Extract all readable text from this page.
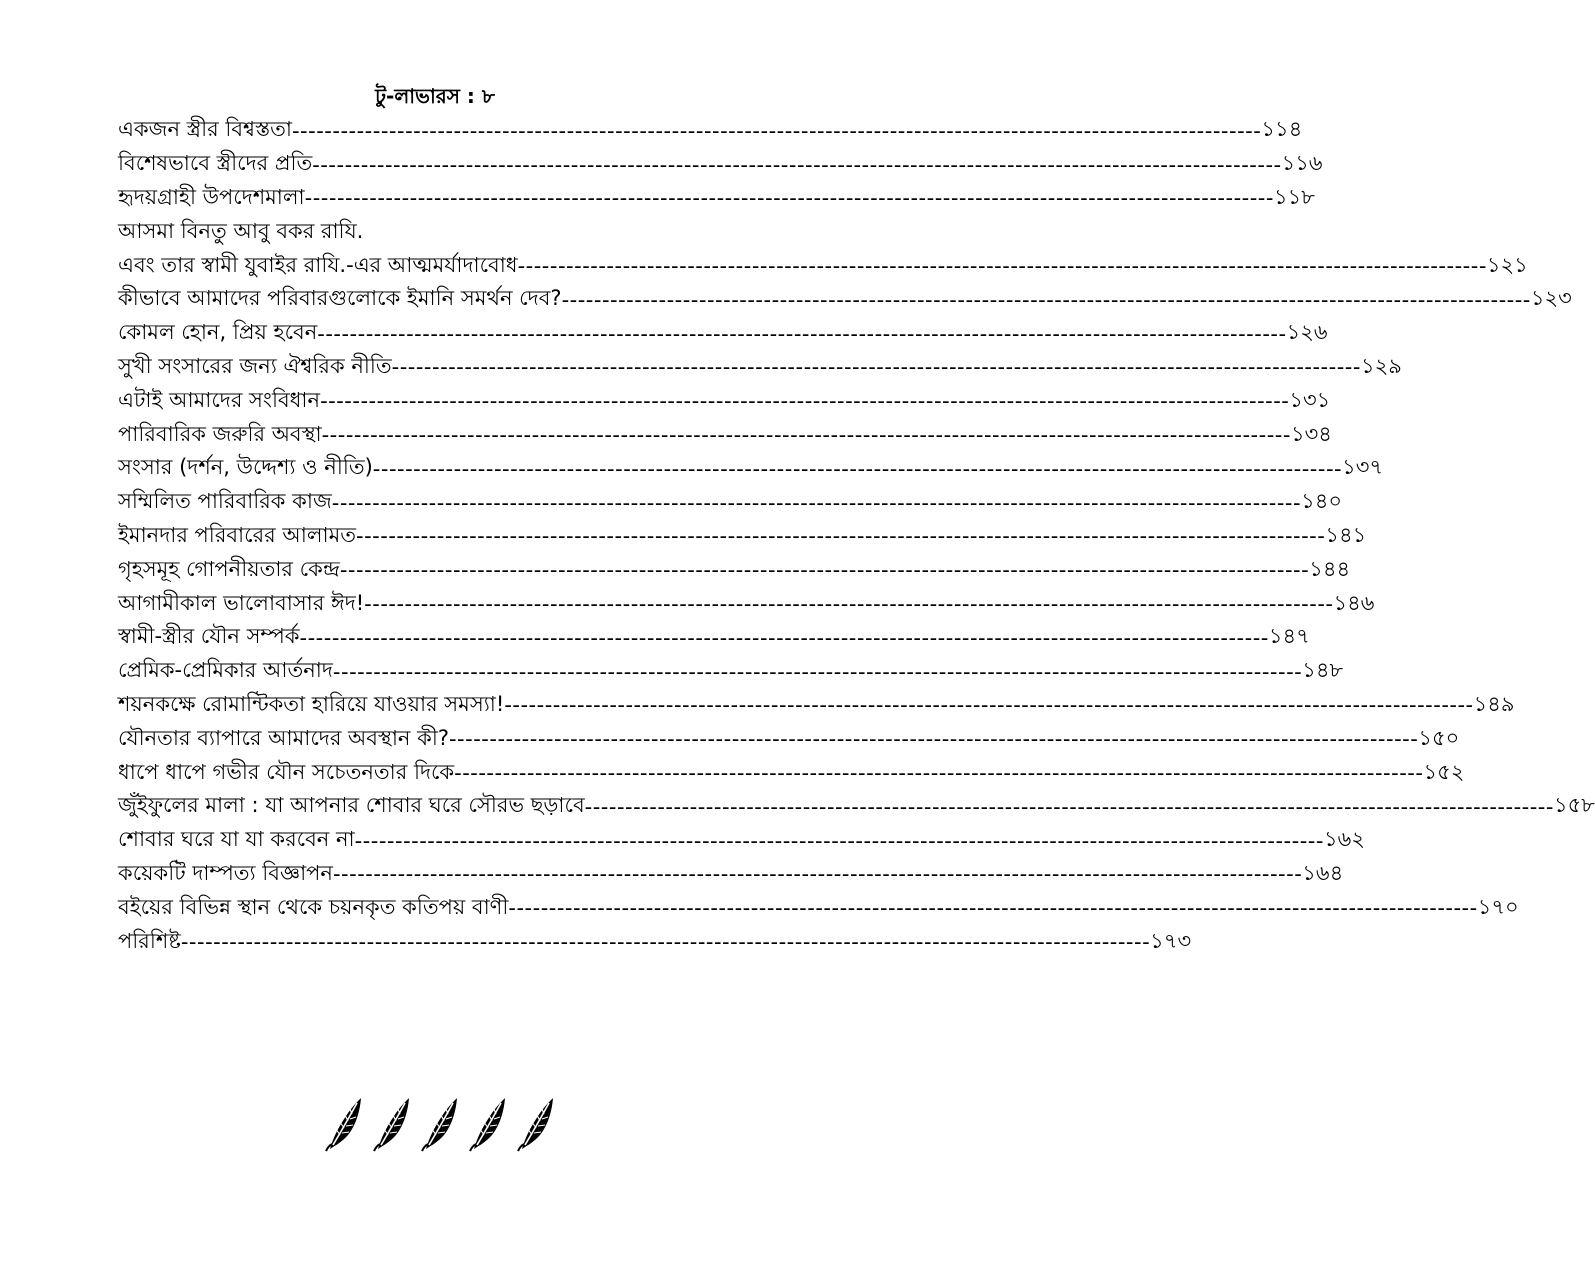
টু-লাভারস : ৮
একজন স্ত্রীর বিশ্বস্ততা ------------------------------------------------------------------------------------------------------------------------ ১১৪
বিশেষভাবে স্ত্রীদের প্রতি ------------------------------------------------------------------------------------------------------------------------ ১১৬
হৃদয়গ্রাহী উপদেশমালা ------------------------------------------------------------------------------------------------------------------------ ১১৮
আসমা বিনতু আবু বকর রাযি.
এবং তার স্বামী যুবাইর রাযি.-এর আত্মমর্যাদাবোধ ------------------------------------------------------------------------------------------------------------------------ ১২১
কীভাবে আমাদের পরিবারগুলোকে ইমানি সমর্থন দেব? ------------------------------------------------------------------------------------------------------------------------ ১২৩
কোমল হোন, প্রিয় হবেন ------------------------------------------------------------------------------------------------------------------------ ১২৬
সুখী সংসারের জন্য ঐশ্বরিক নীতি ------------------------------------------------------------------------------------------------------------------------ ১২৯
এটাই আমাদের সংবিধান ------------------------------------------------------------------------------------------------------------------------ ১৩১
পারিবারিক জরুরি অবস্থা ------------------------------------------------------------------------------------------------------------------------ ১৩৪
সংসার (দর্শন, উদ্দেশ্য ও নীতি) ------------------------------------------------------------------------------------------------------------------------ ১৩৭
সম্মিলিত পারিবারিক কাজ ------------------------------------------------------------------------------------------------------------------------ ১৪০
ইমানদার পরিবারের আলামত ------------------------------------------------------------------------------------------------------------------------ ১৪১
গৃহসমূহ গোপনীয়তার কেন্দ্র ------------------------------------------------------------------------------------------------------------------------ ১৪৪
আগামীকাল ভালোবাসার ঈদ! ------------------------------------------------------------------------------------------------------------------------ ১৪৬
স্বামী-স্ত্রীর যৌন সম্পর্ক ------------------------------------------------------------------------------------------------------------------------ ১৪৭
প্রেমিক-প্রেমিকার আর্তনাদ ------------------------------------------------------------------------------------------------------------------------ ১৪৮
শয়নকক্ষে রোমান্টিকতা হারিয়ে যাওয়ার সমস্যা! ------------------------------------------------------------------------------------------------------------------------ ১৪৯
যৌনতার ব্যাপারে আমাদের অবস্থান কী? ------------------------------------------------------------------------------------------------------------------------ ১৫০
ধাপে ধাপে গভীর যৌন সচেতনতার দিকে ------------------------------------------------------------------------------------------------------------------------ ১৫২
জুঁইফুলের মালা : যা আপনার শোবার ঘরে সৌরভ ছড়াবে ------------------------------------------------------------------------------------------------------------------------ ১৫৮
শোবার ঘরে যা যা করবেন না ------------------------------------------------------------------------------------------------------------------------ ১৬২
কয়েকটি দাম্পত্য বিজ্ঞাপন ------------------------------------------------------------------------------------------------------------------------ ১৬৪
বইয়ের বিভিন্ন স্থান থেকে চয়নকৃত কতিপয় বাণী ------------------------------------------------------------------------------------------------------------------------ ১৭০
পরিশিষ্ট ------------------------------------------------------------------------------------------------------------------------ ১৭৩
